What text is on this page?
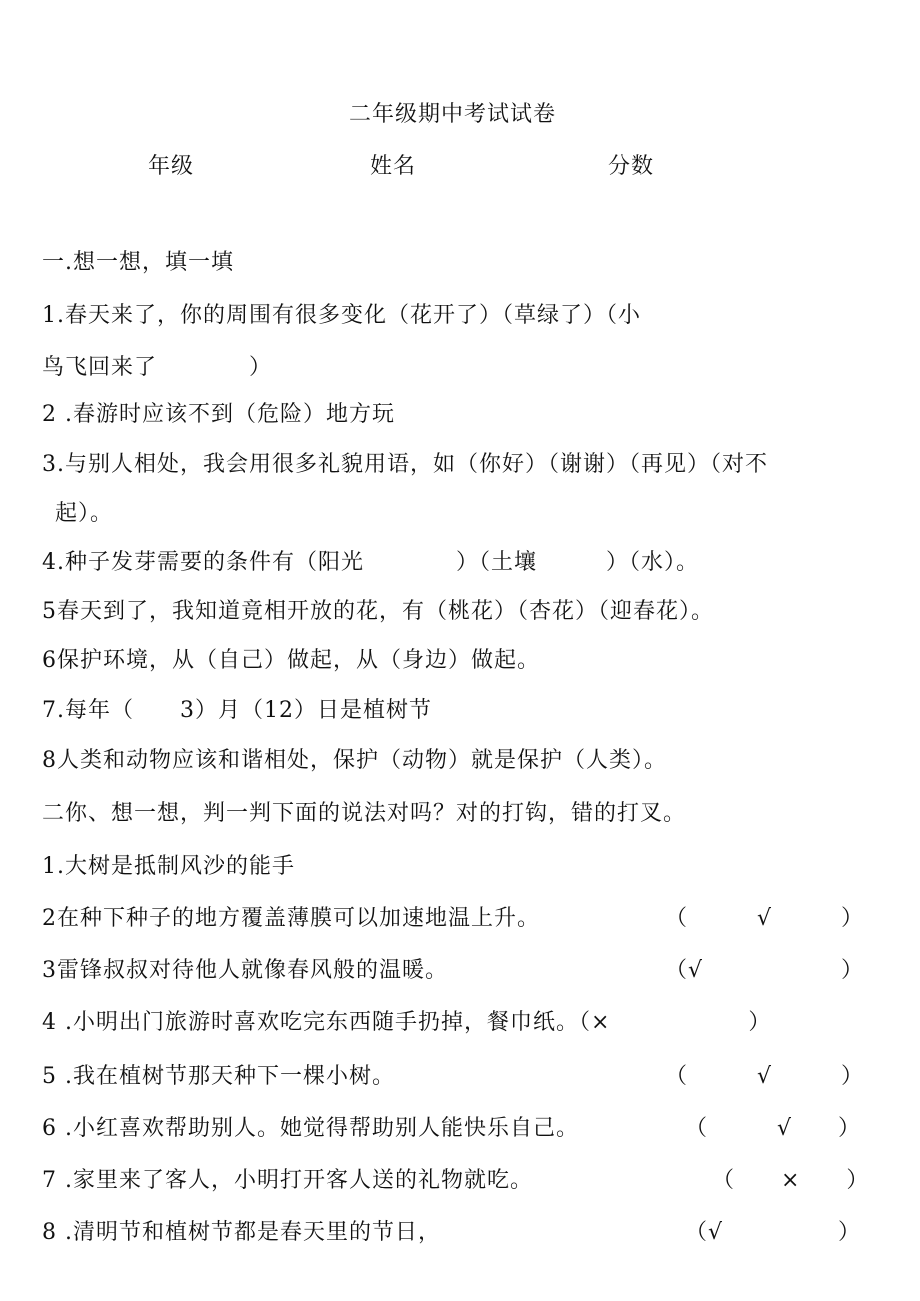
二年级期中考试试卷
年级	姓名	分数
一.想一想，填一填
1.春天来了，你的周围有很多变化（花开了）（草绿了）（小
鸟飞回来了　　　　）
2 .春游时应该不到（危险）地方玩
3.与别人相处，我会用很多礼貌用语，如（你好）（谢谢）（再见）（对不
起）。
4.种子发芽需要的条件有（阳光　　　　）（土壤　　　）（水）。
5春天到了，我知道竟相开放的花，有（桃花）（杏花）（迎春花）。
6保护环境，从（自己）做起，从（身边）做起。
7.每年（　　3）月（12）日是植树节
8人类和动物应该和谐相处，保护（动物）就是保护（人类）。
二你、想一想，判一判下面的说法对吗？对的打钩，错的打叉。
1.大树是抵制风沙的能手
2在种下种子的地方覆盖薄膜可以加速地温上升。	（　　　√　　　）
3雷锋叔叔对待他人就像春风般的温暖。	（√　　　　　　）
4 .小明出门旅游时喜欢吃完东西随手扔掉，餐巾纸。（×　　　　　　）
5 .我在植树节那天种下一棵小树。	（　　　√　　　）
6 .小红喜欢帮助别人。她觉得帮助别人能快乐自己。	（　　　√　　）
7 .家里来了客人，小明打开客人送的礼物就吃。	（　　×　　）
8 .清明节和植树节都是春天里的节日，	（√　　　　　）
